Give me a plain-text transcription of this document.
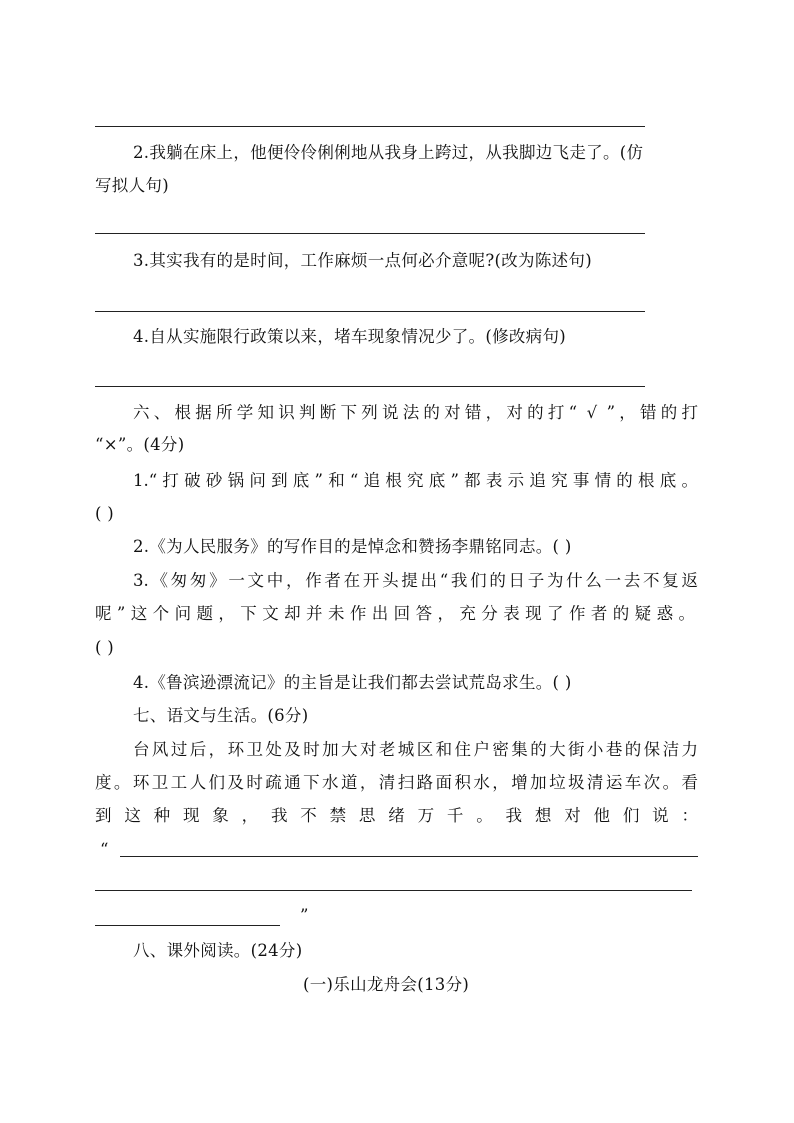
2.我躺在床上，他便伶伶俐俐地从我身上跨过，从我脚边飞走了。(仿
写拟人句)
3.其实我有的是时间，工作麻烦一点何必介意呢?(改为陈述句)
4.自从实施限行政策以来，堵车现象情况少了。(修改病句)
六、根据所学知识判断下列说法的对错，对的打“ √ ”，错的打
“×”。(4分)
1.“打破砂锅问到底”和“追根究底”都表示追究事情的根底。
( )
2.《为人民服务》的写作目的是悼念和赞扬李鼎铭同志。( )
3.《匆匆》一文中，作者在开头提出“我们的日子为什么一去不复返
呢”这个问题，下文却并未作出回答，充分表现了作者的疑惑。
( )
4.《鲁滨逊漂流记》的主旨是让我们都去尝试荒岛求生。( )
七、语文与生活。(6分)
台风过后，环卫处及时加大对老城区和住户密集的大街小巷的保洁力
度。环卫工人们及时疏通下水道，清扫路面积水，增加垃圾清运车次。看
到这种现象，我不禁思绪万千。我想对他们说：
“
”
八、课外阅读。(24分)
(一)乐山龙舟会(13分)
